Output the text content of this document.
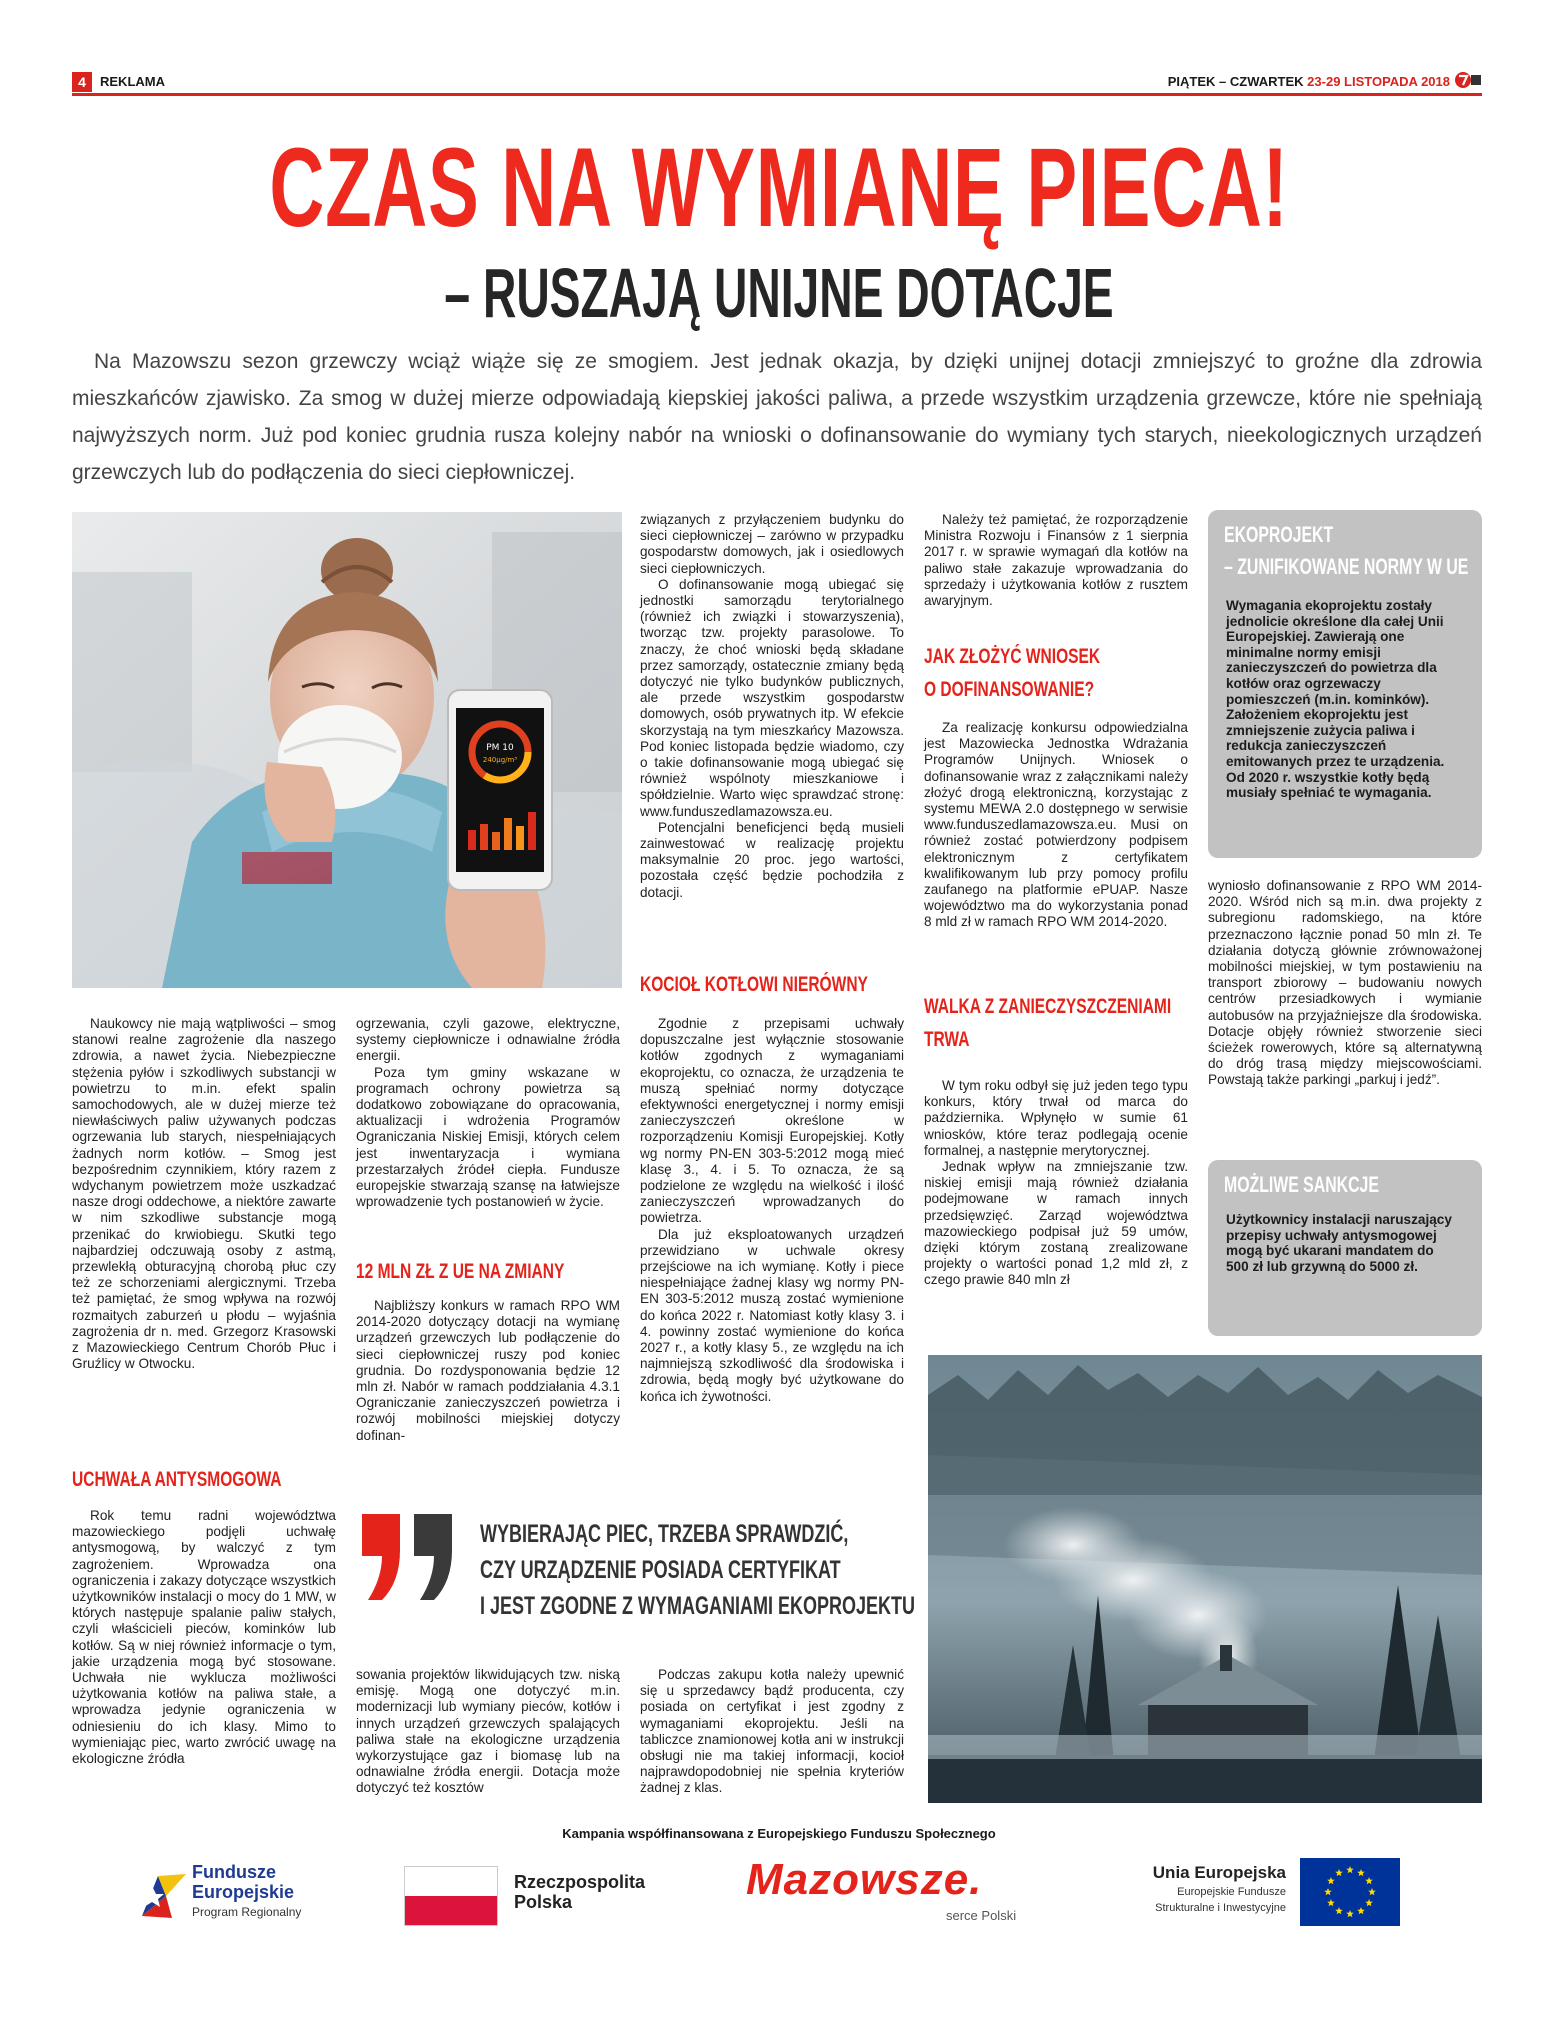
4	REKLAMA	PIĄTEK – CZWARTEK 23-29 LISTOPADA 2018
CZAS NA WYMIANĘ PIECA!
– RUSZAJĄ UNIJNE DOTACJE
Na Mazowszu sezon grzewczy wciąż wiąże się ze smogiem. Jest jednak okazja, by dzięki unijnej dotacji zmniejszyć to groźne dla zdrowia mieszkańców zjawisko. Za smog w dużej mierze odpowiadają kiepskiej jakości paliwa, a przede wszystkim urządzenia grzewcze, które nie spełniają najwyższych norm. Już pod koniec grudnia rusza kolejny nabór na wnioski o dofinansowanie do wymiany tych starych, nieekologicznych urządzeń grzewczych lub do podłączenia do sieci ciepłowniczej.
PM 10
240µg/m³

Naukowcy nie mają wątpliwości – smog stanowi realne zagrożenie dla naszego zdrowia, a nawet życia. Niebezpieczne stężenia pyłów i szkodliwych substancji w powietrzu to m.in. efekt spalin samochodowych, ale w dużej mierze też niewłaściwych paliw używanych podczas ogrzewania lub starych, niespełniających żadnych norm kotłów. – Smog jest bezpośrednim czynnikiem, który razem z wdychanym powietrzem może uszkadzać nasze drogi oddechowe, a niektóre zawarte w nim szkodliwe substancje mogą przenikać do krwiobiegu. Skutki tego najbardziej odczuwają osoby z astmą, przewlekłą obturacyjną chorobą płuc czy też ze schorzeniami alergicznymi. Trzeba też pamiętać, że smog wpływa na rozwój rozmaitych zaburzeń u płodu – wyjaśnia zagrożenia dr n. med. Grzegorz Krasowski z Mazowieckiego Centrum Chorób Płuc i Gruźlicy w Otwocku.

UCHWAŁA ANTYSMOGOWA

Rok temu radni województwa mazowieckiego podjęli uchwałę antysmogową, by walczyć z tym zagrożeniem. Wprowadza ona ograniczenia i zakazy dotyczące wszystkich użytkowników instalacji o mocy do 1 MW, w których następuje spalanie paliw stałych, czyli właścicieli pieców, kominków lub kotłów. Są w niej również informacje o tym, jakie urządzenia mogą być stosowane. Uchwała nie wyklucza możliwości użytkowania kotłów na paliwa stałe, a wprowadza jedynie ograniczenia w odniesieniu do ich klasy. Mimo to wymieniając piec, warto zwrócić uwagę na ekologiczne źródła

ogrzewania, czyli gazowe, elektryczne, systemy ciepłownicze i odnawialne źródła energii.

Poza tym gminy wskazane w programach ochrony powietrza są dodatkowo zobowiązane do opracowania, aktualizacji i wdrożenia Programów Ograniczania Niskiej Emisji, których celem jest inwentaryzacja i wymiana przestarzałych źródeł ciepła. Fundusze europejskie stwarzają szansę na łatwiejsze wprowadzenie tych postanowień w życie.

12 MLN ZŁ Z UE NA ZMIANY

Najbliższy konkurs w ramach RPO WM 2014-2020 dotyczący dotacji na wymianę urządzeń grzewczych lub podłączenie do sieci ciepłowniczej ruszy pod koniec grudnia. Do rozdysponowania będzie 12 mln zł. Nabór w ramach poddziałania 4.3.1 Ograniczanie zanieczyszczeń powietrza i rozwój mobilności miejskiej dotyczy dofinan-

sowania projektów likwidujących tzw. niską emisję. Mogą one dotyczyć m.in. modernizacji lub wymiany pieców, kotłów i innych urządzeń grzewczych spalających paliwa stałe na ekologiczne urządzenia wykorzystujące gaz i biomasę lub na odnawialne źródła energii. Dotacja może dotyczyć też kosztów

związanych z przyłączeniem budynku do sieci ciepłowniczej – zarówno w przypadku gospodarstw domowych, jak i osiedlowych sieci ciepłowniczych.

O dofinansowanie mogą ubiegać się jednostki samorządu terytorialnego (również ich związki i stowarzyszenia), tworząc tzw. projekty parasolowe. To znaczy, że choć wnioski będą składane przez samorządy, ostatecznie zmiany będą dotyczyć nie tylko budynków publicznych, ale przede wszystkim gospodarstw domowych, osób prywatnych itp. W efekcie skorzystają na tym mieszkańcy Mazowsza. Pod koniec listopada będzie wiadomo, czy o takie dofinansowanie mogą ubiegać się również wspólnoty mieszkaniowe i spółdzielnie. Warto więc sprawdzać stronę: www.funduszedlamazowsza.eu.

Potencjalni beneficjenci będą musieli zainwestować w realizację projektu maksymalnie 20 proc. jego wartości, pozostała część będzie pochodziła z dotacji.

KOCIOŁ KOTŁOWI NIERÓWNY

Zgodnie z przepisami uchwały dopuszczalne jest wyłącznie stosowanie kotłów zgodnych z wymaganiami ekoprojektu, co oznacza, że urządzenia te muszą spełniać normy dotyczące efektywności energetycznej i normy emisji zanieczyszczeń określone w rozporządzeniu Komisji Europejskiej. Kotły wg normy PN-EN 303-5:2012 mogą mieć klasę 3., 4. i 5. To oznacza, że są podzielone ze względu na wielkość i ilość zanieczyszczeń wprowadzanych do powietrza.

Dla już eksploatowanych urządzeń przewidziano w uchwale okresy przejściowe na ich wymianę. Kotły i piece niespełniające żadnej klasy wg normy PN-EN 303-5:2012 muszą zostać wymienione do końca 2022 r. Natomiast kotły klasy 3. i 4. powinny zostać wymienione do końca 2027 r., a kotły klasy 5., ze względu na ich najmniejszą szkodliwość dla środowiska i zdrowia, będą mogły być użytkowane do końca ich żywotności.

Podczas zakupu kotła należy upewnić się u sprzedawcy bądź producenta, czy posiada on certyfikat i jest zgodny z wymaganiami ekoprojektu. Jeśli na tabliczce znamionowej kotła ani w instrukcji obsługi nie ma takiej informacji, kocioł najprawdopodobniej nie spełnia kryteriów żadnej z klas.

Należy też pamiętać, że rozporządzenie Ministra Rozwoju i Finansów z 1 sierpnia 2017 r. w sprawie wymagań dla kotłów na paliwo stałe zakazuje wprowadzania do sprzedaży i użytkowania kotłów z rusztem awaryjnym.

JAK ZŁOŻYĆ WNIOSEK
O DOFINANSOWANIE?

Za realizację konkursu odpowiedzialna jest Mazowiecka Jednostka Wdrażania Programów Unijnych. Wniosek o dofinansowanie wraz z załącznikami należy złożyć drogą elektroniczną, korzystając z systemu MEWA 2.0 dostępnego w serwisie www.funduszedlamazowsza.eu. Musi on również zostać potwierdzony podpisem elektronicznym z certyfikatem kwalifikowanym lub przy pomocy profilu zaufanego na platformie ePUAP. Nasze województwo ma do wykorzystania ponad 8 mld zł w ramach RPO WM 2014-2020.

WALKA Z ZANIECZYSZCZENIAMI
TRWA

W tym roku odbył się już jeden tego typu konkurs, który trwał od marca do października. Wpłynęło w sumie 61 wniosków, które teraz podlegają ocenie formalnej, a następnie merytorycznej.

Jednak wpływ na zmniejszanie tzw. niskiej emisji mają również działania podejmowane w ramach innych przedsięwzięć. Zarząd województwa mazowieckiego podpisał już 59 umów, dzięki którym zostaną zrealizowane projekty o wartości ponad 1,2 mld zł, z czego prawie 840 mln zł

EKOPROJEKT
– ZUNIFIKOWANE NORMY W UE
Wymagania ekoprojektu zostały jednolicie określone dla całej Unii Europejskiej. Zawierają one minimalne normy emisji zanieczyszczeń do powietrza dla kotłów oraz ogrzewaczy pomieszczeń (m.in. kominków). Założeniem ekoprojektu jest zmniejszenie zużycia paliwa i redukcja zanieczyszczeń emitowanych przez te urządzenia. Od 2020 r. wszystkie kotły będą musiały spełniać te wymagania.

wyniosło dofinansowanie z RPO WM 2014-2020. Wśród nich są m.in. dwa projekty z subregionu radomskiego, na które przeznaczono łącznie ponad 50 mln zł. Te działania dotyczą głównie zrównoważonej mobilności miejskiej, w tym postawieniu na transport zbiorowy – budowaniu nowych centrów przesiadkowych i wymianie autobusów na przyjaźniejsze dla środowiska. Dotacje objęły również stworzenie sieci ścieżek rowerowych, które są alternatywną do dróg trasą między miejscowościami. Powstają także parkingi „parkuj i jedź”.

MOŻLIWE SANKCJE
Użytkownicy instalacji naruszający przepisy uchwały antysmogowej mogą być ukarani mandatem do 500 zł lub grzywną do 5000 zł.
WYBIERAJĄC PIEC, TRZEBA SPRAWDZIĆ,
CZY URZĄDZENIE POSIADA CERTYFIKAT
I JEST ZGODNE Z WYMAGANIAMI EKOPROJEKTU
Kampania współfinansowana z Europejskiego Funduszu Społecznego
Fundusze
Europejskie
Program Regionalny
Rzeczpospolita
Polska	Mazowsze.
serce Polski
Unia Europejska
Europejskie Fundusze
Strukturalne i Inwestycyjne
